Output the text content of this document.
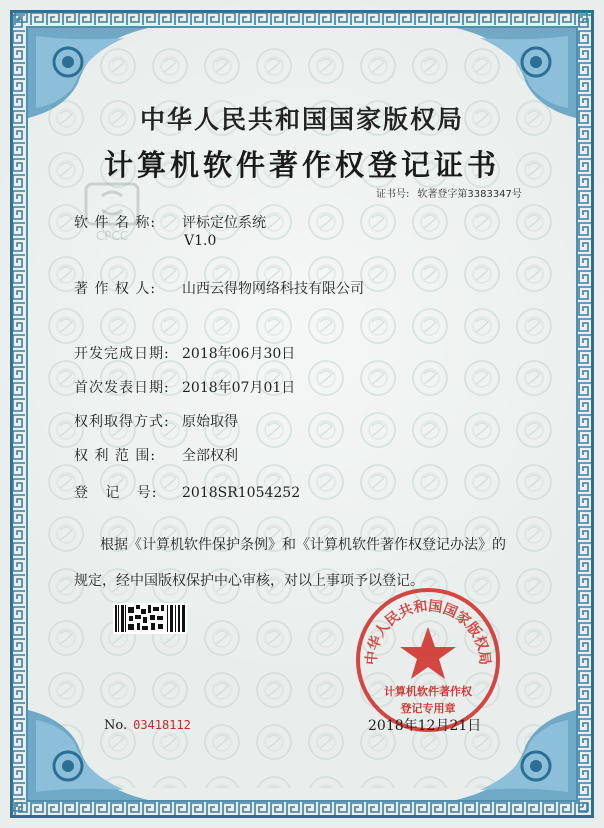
中华人民共和国国家版权局
计算机软件著作权登记证书
证书号: 软著登字第3383347号
CPCC
软 件 名 称: 评标定位系统
V1.0
著 作 权 人: 山西云得物网络科技有限公司
开发完成日期: 2018年06月30日
首次发表日期: 2018年07月01日
权利取得方式: 原始取得
权 利 范 围: 全部权利
登   记   号: 2018SR1054252
根据《计算机软件保护条例》和《计算机软件著作权登记办法》的
规定，经中国版权保护中心审核，对以上事项予以登记。
中华人民共和国国家版权局
计算机软件著作权
登记专用章
No. 03418112	2018年12月21日
